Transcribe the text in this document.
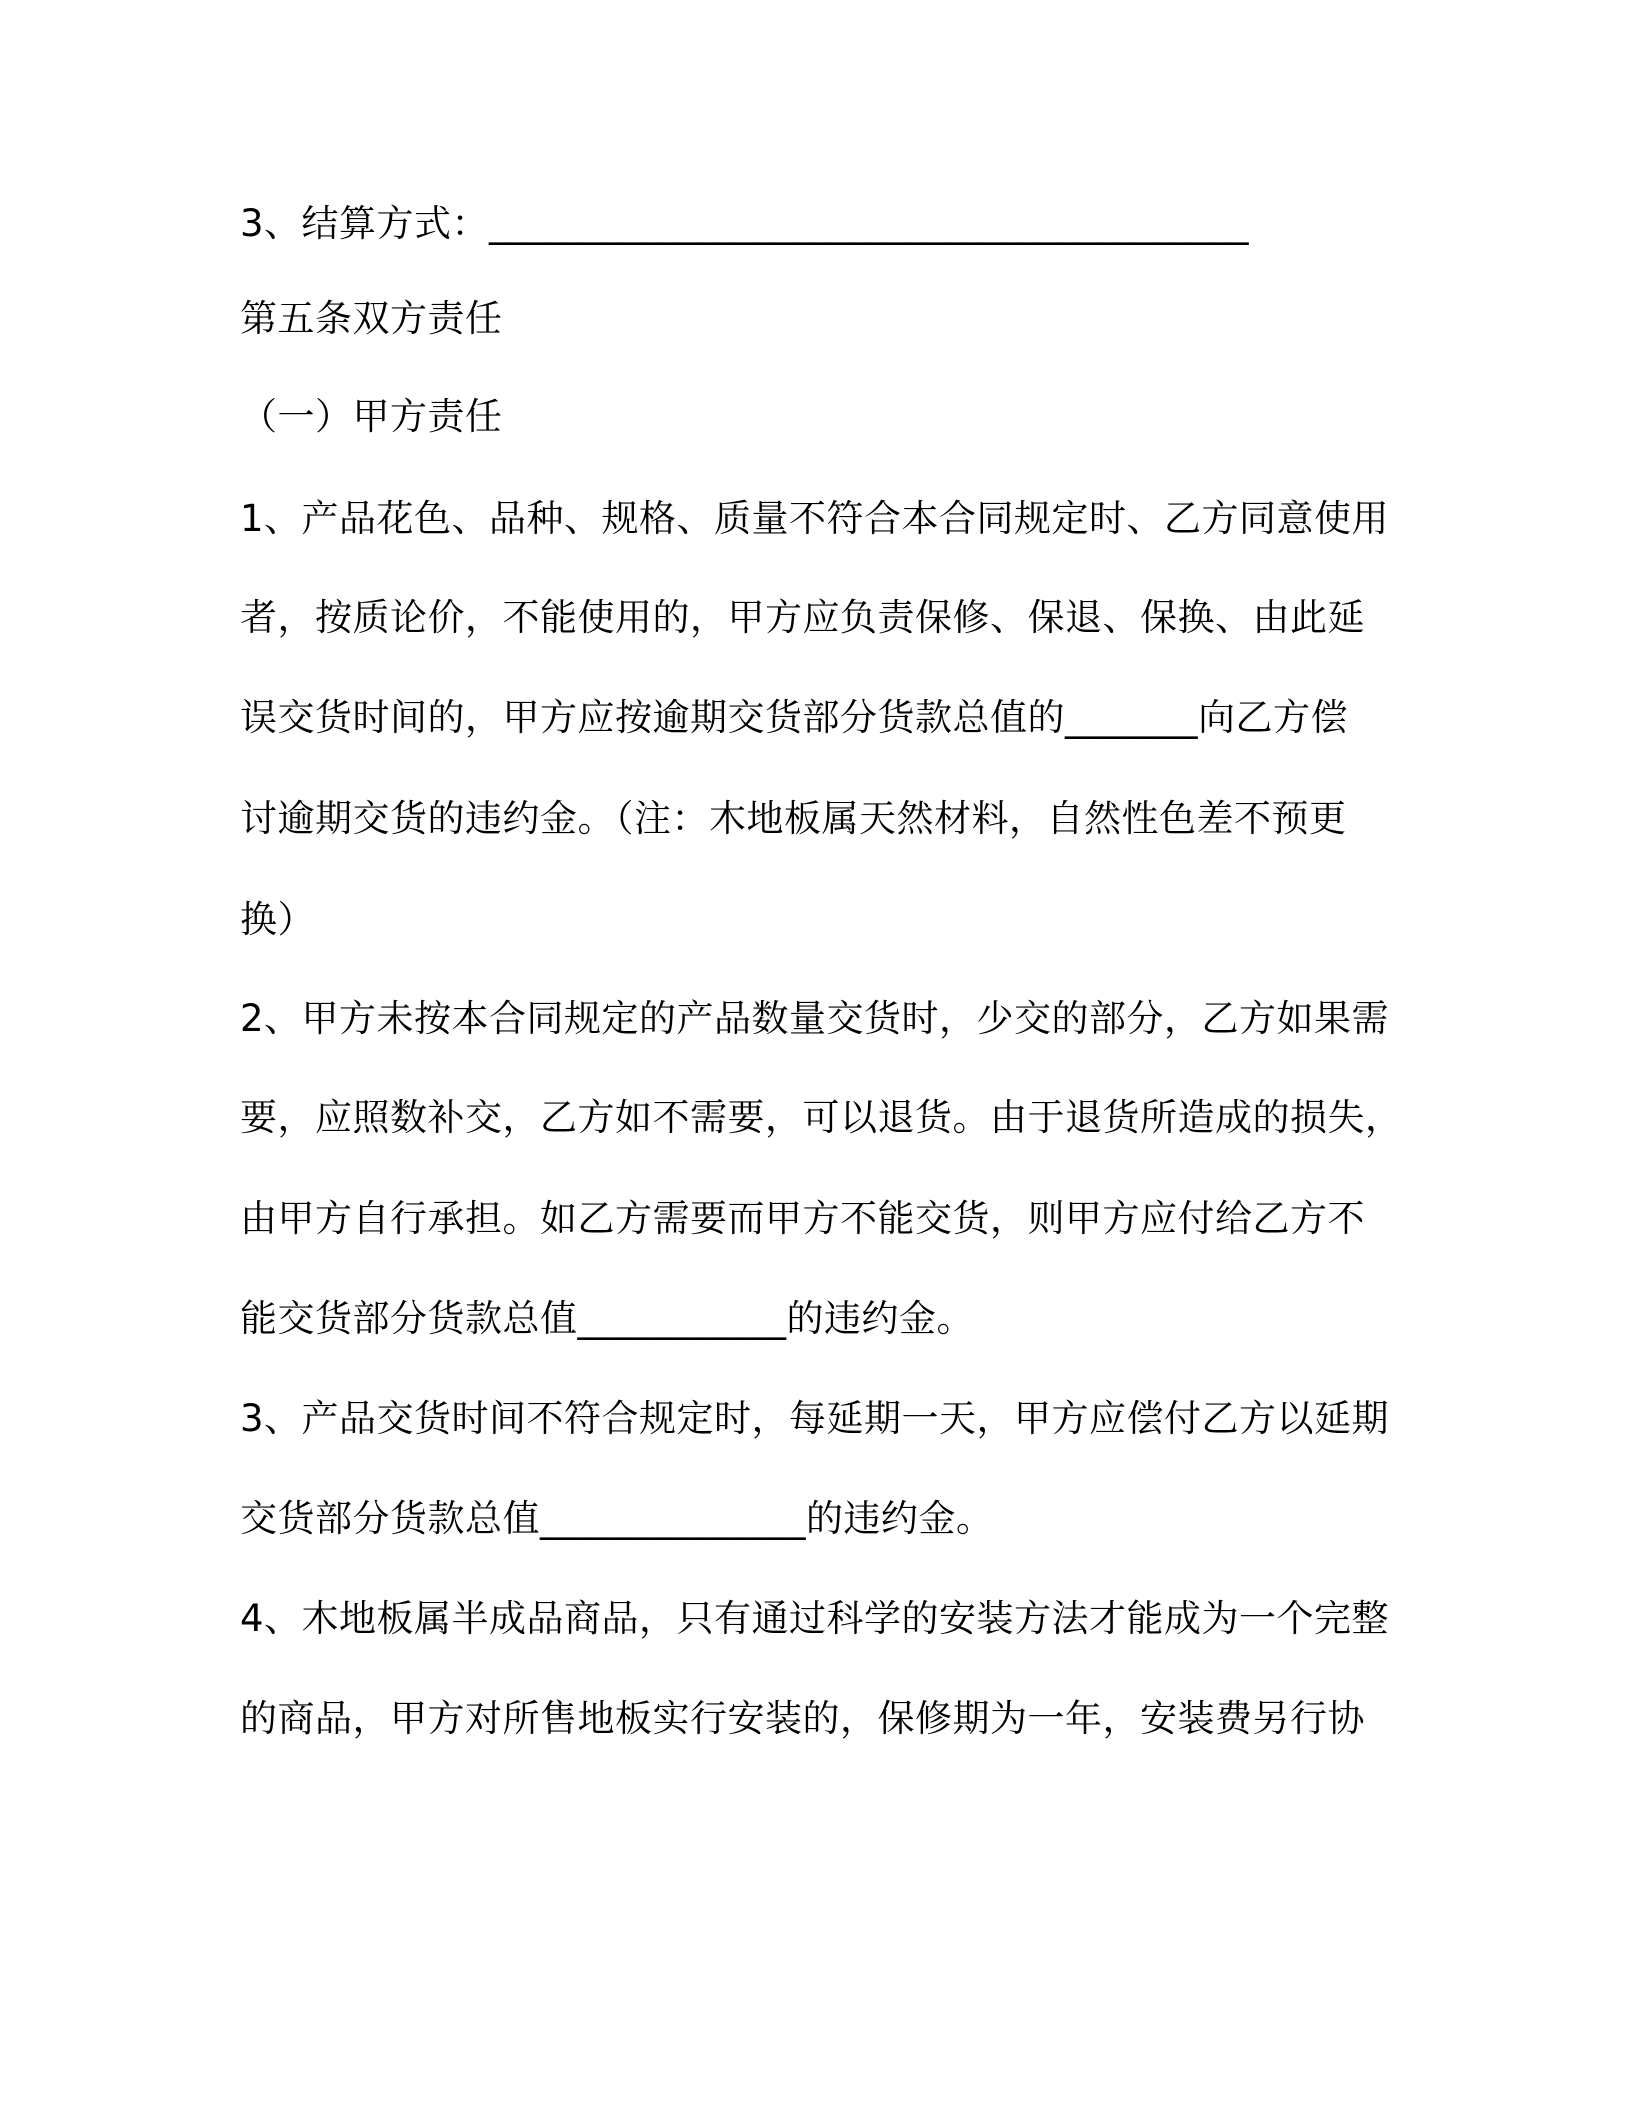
3、结算方式：________________________________________
第五条双方责任
（一）甲方责任
1、产品花色、品种、规格、质量不符合本合同规定时、乙方同意使用
者，按质论价，不能使用的，甲方应负责保修、保退、保换、由此延
误交货时间的，甲方应按逾期交货部分货款总值的_______向乙方偿
讨逾期交货的违约金。（注：木地板属天然材料，自然性色差不预更
换）
2、甲方未按本合同规定的产品数量交货时，少交的部分，乙方如果需
要，应照数补交，乙方如不需要，可以退货。由于退货所造成的损失，
由甲方自行承担。如乙方需要而甲方不能交货，则甲方应付给乙方不
能交货部分货款总值___________的违约金。
3、产品交货时间不符合规定时，每延期一天，甲方应偿付乙方以延期
交货部分货款总值______________的违约金。
4、木地板属半成品商品，只有通过科学的安装方法才能成为一个完整
的商品，甲方对所售地板实行安装的，保修期为一年，安装费另行协
